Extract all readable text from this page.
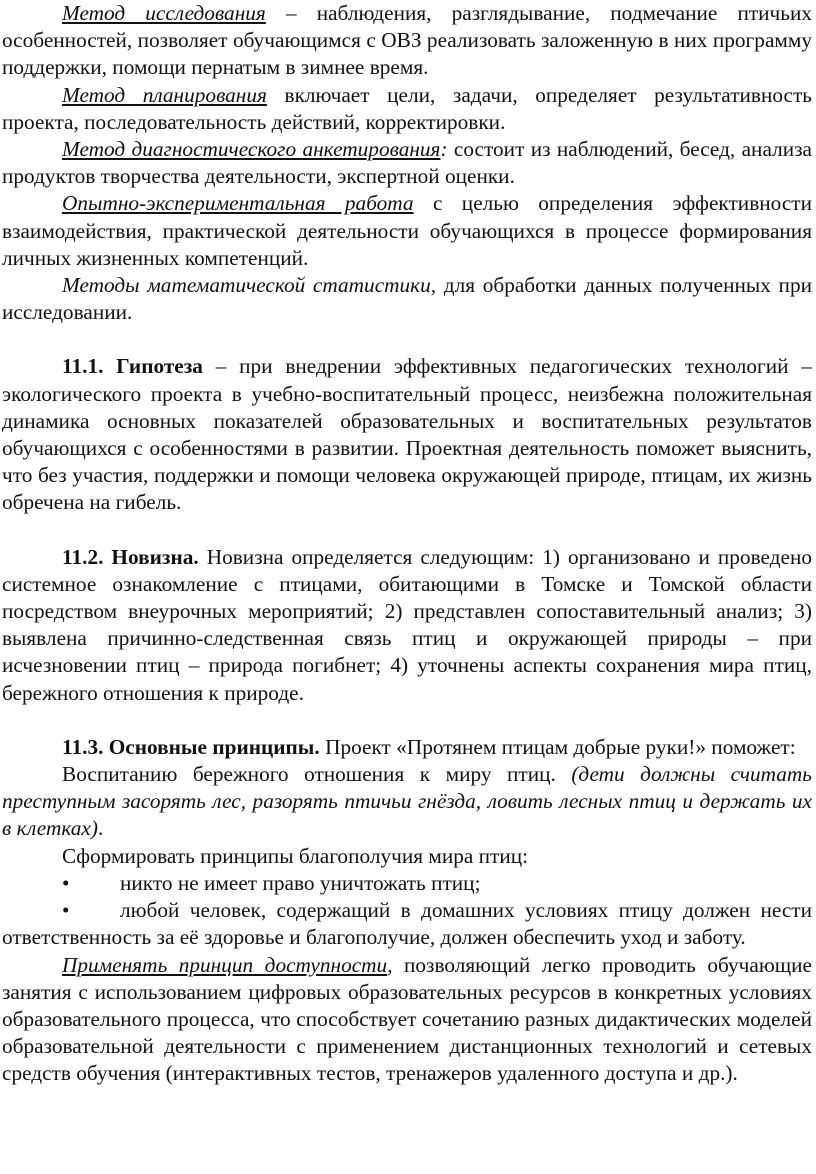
Метод исследования – наблюдения, разглядывание, подмечание птичьих особенностей, позволяет обучающимся с ОВЗ реализовать заложенную в них программу поддержки, помощи пернатым в зимнее время.

Метод планирования включает цели, задачи, определяет результативность проекта, последовательность действий, корректировки.

Метод диагностического анкетирования: состоит из наблюдений, бесед, анализа продуктов творчества деятельности, экспертной оценки.

Опытно-экспериментальная работа с целью определения эффективности взаимодействия, практической деятельности обучающихся в процессе формирования личных жизненных компетенций.

Методы математической статистики, для обработки данных полученных при исследовании.

11.1. Гипотеза – при внедрении эффективных педагогических технологий – экологического проекта в учебно-воспитательный процесс, неизбежна положительная динамика основных показателей образовательных и воспитательных результатов обучающихся с особенностями в развитии. Проектная деятельность поможет выяснить, что без участия, поддержки и помощи человека окружающей природе, птицам, их жизнь обречена на гибель.

11.2. Новизна. Новизна определяется следующим: 1) организовано и проведено системное ознакомление с птицами, обитающими в Томске и Томской области посредством внеурочных мероприятий; 2) представлен сопоставительный анализ; 3) выявлена причинно-следственная связь птиц и окружающей природы – при исчезновении птиц – природа погибнет; 4) уточнены аспекты сохранения мира птиц, бережного отношения к природе.

11.3. Основные принципы. Проект «Протянем птицам добрые руки!» поможет:

Воспитанию бережного отношения к миру птиц. (дети должны считать преступным засорять лес, разорять птичьи гнёзда, ловить лесных птиц и держать их в клетках).

Сформировать принципы благополучия мира птиц:

• никто не имеет право уничтожать птиц;

• любой человек, содержащий в домашних условиях птицу должен нести ответственность за её здоровье и благополучие, должен обеспечить уход и заботу.

Применять принцип доступности, позволяющий легко проводить обучающие занятия с использованием цифровых образовательных ресурсов в конкретных условиях образовательного процесса, что способствует сочетанию разных дидактических моделей образовательной деятельности с применением дистанционных технологий и сетевых средств обучения (интерактивных тестов, тренажеров удаленного доступа и др.).
